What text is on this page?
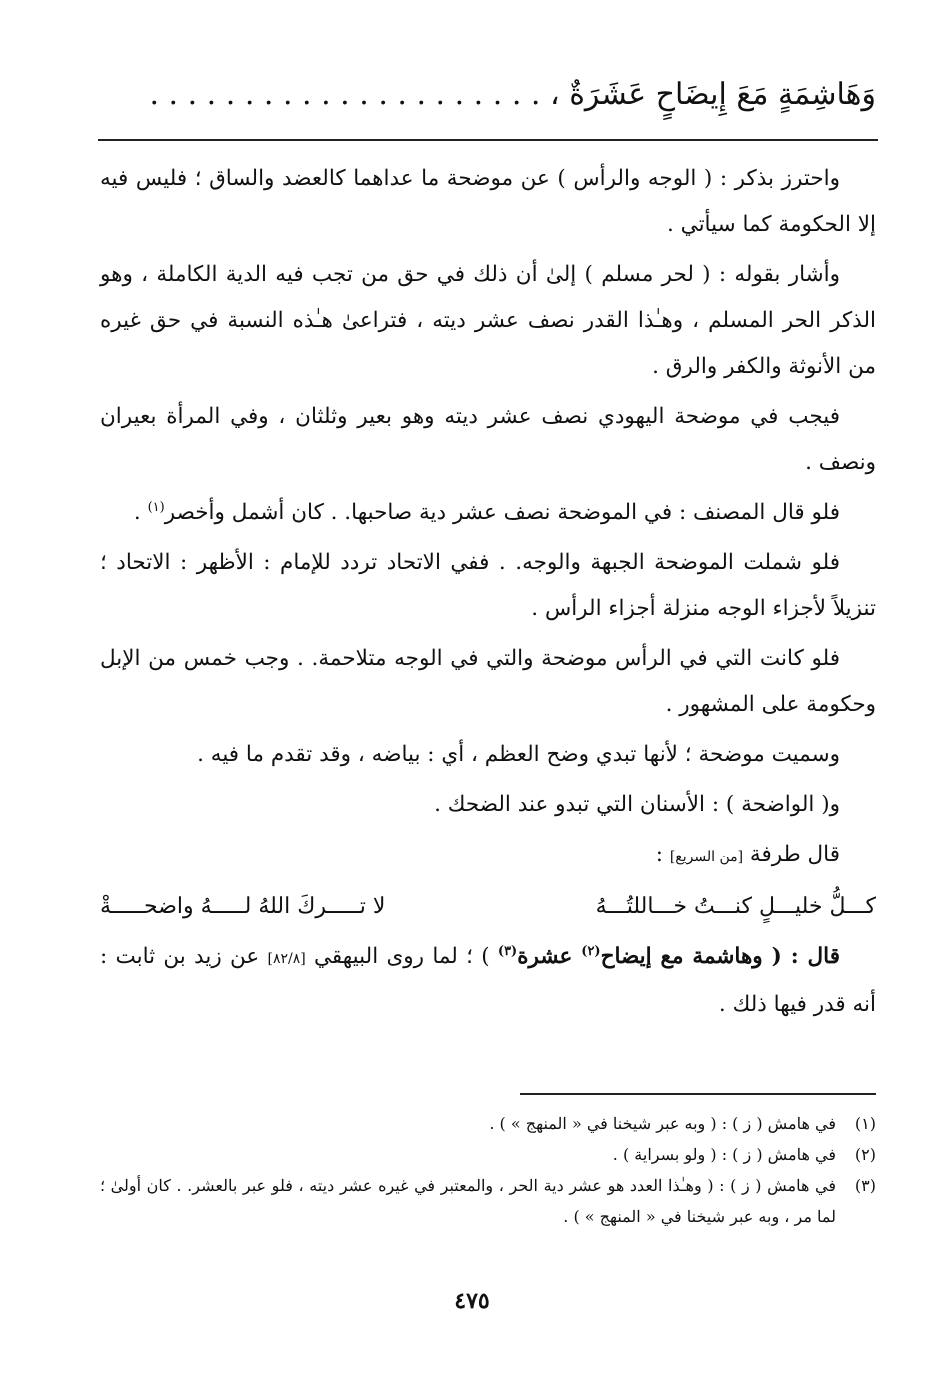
وَهَاشِمَةٍ مَعَ إِيضَاحٍ عَشَرَةٌ ، . . . . . . . . . . . . . . . . . . . . .

واحترز بذكر : ( الوجه والرأس ) عن موضحة ما عداهما كالعضد والساق ؛ فليس فيه إلا الحكومة كما سيأتي .

وأشار بقوله : ( لحر مسلم ) إلىٰ أن ذلك في حق من تجب فيه الدية الكاملة ، وهو الذكر الحر المسلم ، وهـٰذا القدر نصف عشر ديته ، فتراعىٰ هـٰذه النسبة في حق غيره من الأنوثة والكفر والرق .

فيجب في موضحة اليهودي نصف عشر ديته وهو بعير وثلثان ، وفي المرأة بعيران ونصف .

فلو قال المصنف : في الموضحة نصف عشر دية صاحبها. . كان أشمل وأخصر$^{(١)}$ .

فلو شملت الموضحة الجبهة والوجه. . ففي الاتحاد تردد للإمام : الأظهر : الاتحاد ؛ تنزيلاً لأجزاء الوجه منزلة أجزاء الرأس .

فلو كانت التي في الرأس موضحة والتي في الوجه متلاحمة. . وجب خمس من الإبل وحكومة على المشهور .

وسميت موضحة ؛ لأنها تبدي وضح العظم ، أي : بياضه ، وقد تقدم ما فيه .

و( الواضحة ) : الأسنان التي تبدو عند الضحك .

قال طرفة [من السريع] :

كـــلُّ خليـــلٍ كنـــتُ خـــاللتُـــهُ
لا تـــــركَ اللهُ لـــــهُ واضحـــــةْ

قال : ( وهاشمة مع إيضاح$^{(٢)}$ عشرة$^{(٣)}$ ) ؛ لما روى البيهقي [٨٢/٨] عن زيد بن ثابت : أنه قدر فيها ذلك .

(١)
في هامش ( ز ) : ( وبه عبر شيخنا في « المنهج » ) .
(٢)
في هامش ( ز ) : ( ولو بسراية ) .
(٣)
في هامش ( ز ) : ( وهـٰذا العدد هو عشر دية الحر ، والمعتبر في غيره عشر ديته ، فلو عبر بالعشر. . كان أولىٰ ؛ لما مر ، وبه عبر شيخنا في « المنهج » ) .
٤٧٥
